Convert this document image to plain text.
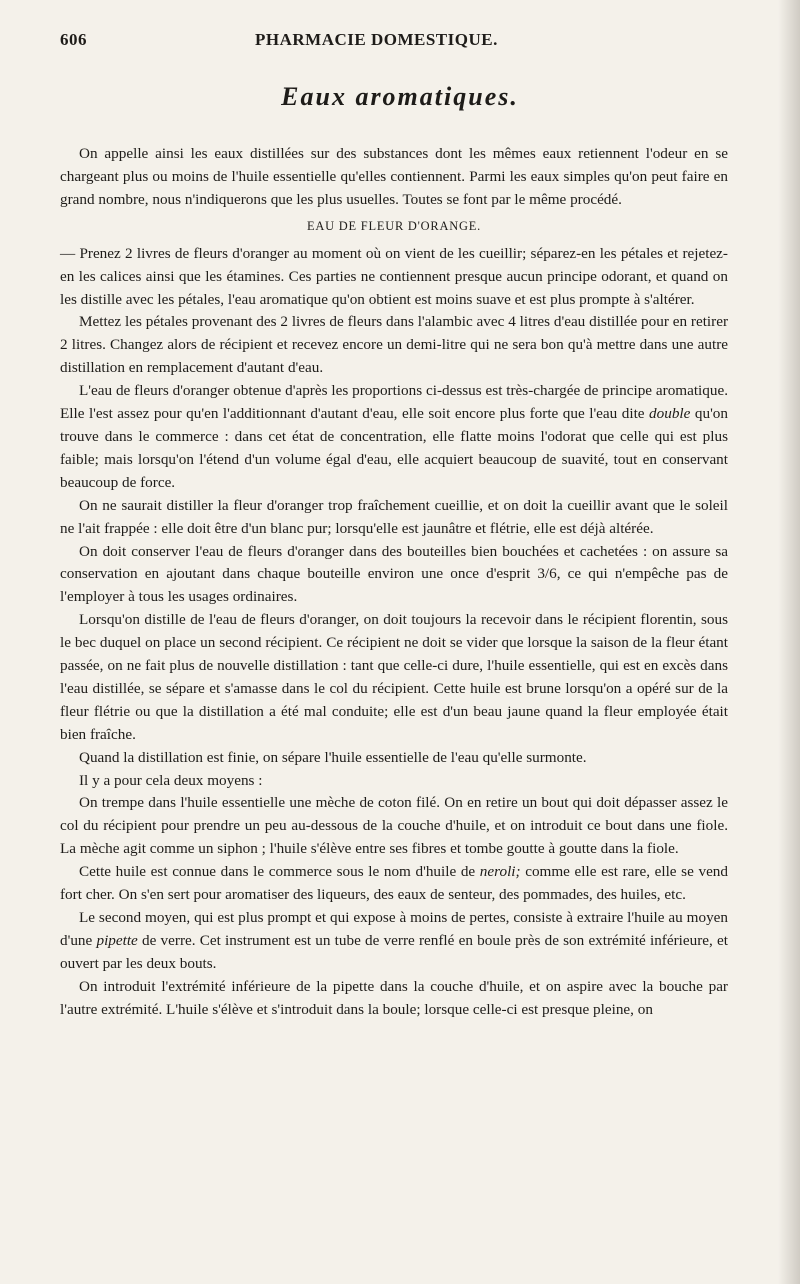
606	PHARMACIE DOMESTIQUE.
Eaux aromatiques.

On appelle ainsi les eaux distillées sur des substances dont les mêmes eaux retiennent l'odeur en se chargeant plus ou moins de l'huile essentielle qu'elles contiennent. Parmi les eaux simples qu'on peut faire en grand nombre, nous n'indiquerons que les plus usuelles. Toutes se font par le même procédé.

EAU DE FLEUR D'ORANGE.

— Prenez 2 livres de fleurs d'oranger au moment où on vient de les cueillir; séparez-en les pétales et rejetez-en les calices ainsi que les étamines. Ces parties ne contiennent presque aucun principe odorant, et quand on les distille avec les pétales, l'eau aromatique qu'on obtient est moins suave et est plus prompte à s'altérer.

Mettez les pétales provenant des 2 livres de fleurs dans l'alambic avec 4 litres d'eau distillée pour en retirer 2 litres. Changez alors de récipient et recevez encore un demi-litre qui ne sera bon qu'à mettre dans une autre distillation en remplacement d'autant d'eau.

L'eau de fleurs d'oranger obtenue d'après les proportions ci-dessus est très-chargée de principe aromatique. Elle l'est assez pour qu'en l'additionnant d'autant d'eau, elle soit encore plus forte que l'eau dite double qu'on trouve dans le commerce : dans cet état de concentration, elle flatte moins l'odorat que celle qui est plus faible; mais lorsqu'on l'étend d'un volume égal d'eau, elle acquiert beaucoup de suavité, tout en conservant beaucoup de force.

On ne saurait distiller la fleur d'oranger trop fraîchement cueillie, et on doit la cueillir avant que le soleil ne l'ait frappée : elle doit être d'un blanc pur; lorsqu'elle est jaunâtre et flétrie, elle est déjà altérée.

On doit conserver l'eau de fleurs d'oranger dans des bouteilles bien bouchées et cachetées : on assure sa conservation en ajoutant dans chaque bouteille environ une once d'esprit 3/6, ce qui n'empêche pas de l'employer à tous les usages ordinaires.

Lorsqu'on distille de l'eau de fleurs d'oranger, on doit toujours la recevoir dans le récipient florentin, sous le bec duquel on place un second récipient. Ce récipient ne doit se vider que lorsque la saison de la fleur étant passée, on ne fait plus de nouvelle distillation : tant que celle-ci dure, l'huile essentielle, qui est en excès dans l'eau distillée, se sépare et s'amasse dans le col du récipient. Cette huile est brune lorsqu'on a opéré sur de la fleur flétrie ou que la distillation a été mal conduite; elle est d'un beau jaune quand la fleur employée était bien fraîche.

Quand la distillation est finie, on sépare l'huile essentielle de l'eau qu'elle surmonte.

Il y a pour cela deux moyens :

On trempe dans l'huile essentielle une mèche de coton filé. On en retire un bout qui doit dépasser assez le col du récipient pour prendre un peu au-dessous de la couche d'huile, et on introduit ce bout dans une fiole. La mèche agit comme un siphon ; l'huile s'élève entre ses fibres et tombe goutte à goutte dans la fiole.

Cette huile est connue dans le commerce sous le nom d'huile de neroli; comme elle est rare, elle se vend fort cher. On s'en sert pour aromatiser des liqueurs, des eaux de senteur, des pommades, des huiles, etc.

Le second moyen, qui est plus prompt et qui expose à moins de pertes, consiste à extraire l'huile au moyen d'une pipette de verre. Cet instrument est un tube de verre renflé en boule près de son extrémité inférieure, et ouvert par les deux bouts.

On introduit l'extrémité inférieure de la pipette dans la couche d'huile, et on aspire avec la bouche par l'autre extrémité. L'huile s'élève et s'introduit dans la boule; lorsque celle-ci est presque pleine, on
